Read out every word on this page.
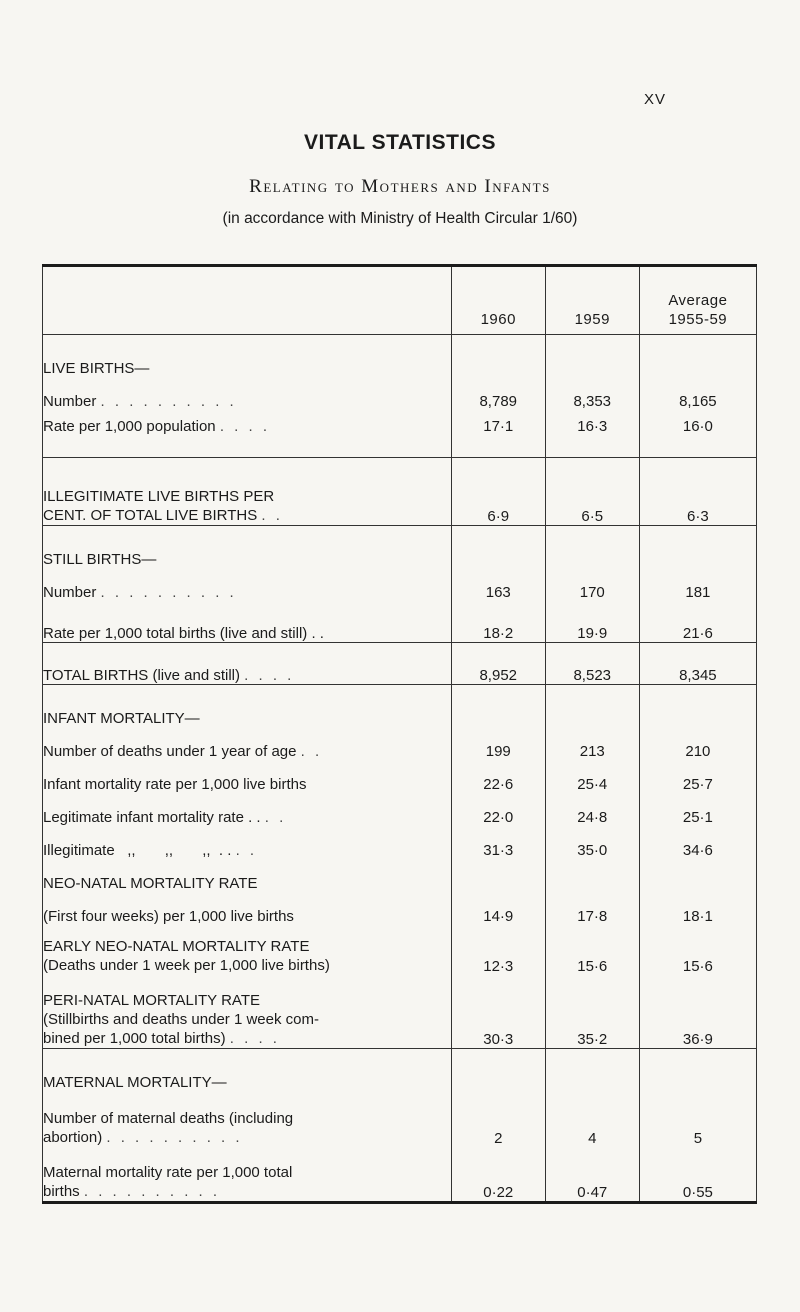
XV
VITAL STATISTICS
Relating to Mothers and Infants
(in accordance with Ministry of Health Circular 1/60)
	1960	1959	Average
1955-59

LIVE BIRTHS—			
Number . . . . . . . . . .	8,789	8,353	8,165
Rate per 1,000 population . . . .	17·1	16·3	16·0

ILLEGITIMATE LIVE BIRTHS PER
CENT. OF TOTAL LIVE BIRTHS . .	6·9	6·5	6·3
STILL BIRTHS—			
Number . . . . . . . . . .	163	170	181
Rate per 1,000 total births (live and still) . .	18·2	19·9	21·6
TOTAL BIRTHS (live and still) . . . .	8,952	8,523	8,345
INFANT MORTALITY—			
Number of deaths under 1 year of age . .	199	213	210
Infant mortality rate per 1,000 live births	22·6	25·4	25·7
Legitimate infant mortality rate . . . .	22·0	24·8	25·1
Illegitimate   ,,       ,,       ,,  . . . .	31·3	35·0	34·6
NEO-NATAL MORTALITY RATE			
(First four weeks) per 1,000 live births	14·9	17·8	18·1

EARLY NEO-NATAL MORTALITY RATE
(Deaths under 1 week per 1,000 live births)	12·3	15·6	15·6

PERI-NATAL MORTALITY RATE
(Stillbirths and deaths under 1 week com-
bined per 1,000 total births) . . . .	30·3	35·2	36·9
MATERNAL MORTALITY—			

Number of maternal deaths (including
abortion) . . . . . . . . . .	2	4	5

Maternal mortality rate per 1,000 total
births . . . . . . . . . .	0·22	0·47	0·55
